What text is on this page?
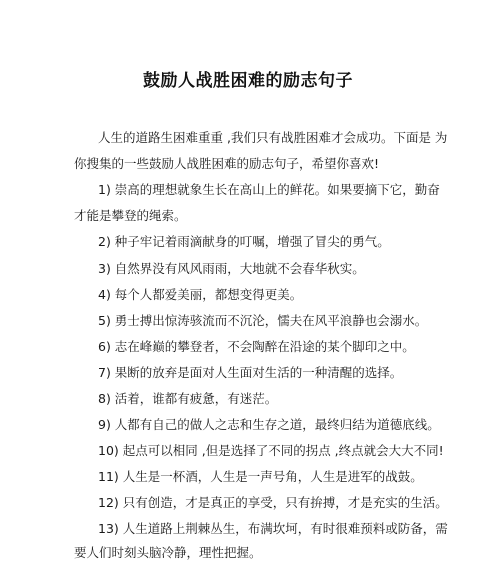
鼓励人战胜困难的励志句子
人生的道路生困难重重 ,我们只有战胜困难才会成功。下面是 为
你搜集的一些鼓励人战胜困难的励志句子，希望你喜欢!
1) 崇高的理想就象生长在高山上的鲜花。如果要摘下它，勤奋
才能是攀登的绳索。
2) 种子牢记着雨滴献身的叮嘱，增强了冒尖的勇气。
3) 自然界没有风风雨雨，大地就不会春华秋实。
4) 每个人都爱美丽，都想变得更美。
5) 勇士搏出惊涛骇流而不沉沦，懦夫在风平浪静也会溺水。
6) 志在峰巅的攀登者，不会陶醉在沿途的某个脚印之中。
7) 果断的放弃是面对人生面对生活的一种清醒的选择。
8) 活着，谁都有疲惫，有迷茫。
9) 人都有自己的做人之志和生存之道，最终归结为道德底线。
10) 起点可以相同 ,但是选择了不同的拐点 ,终点就会大大不同!
11) 人生是一杯酒，人生是一声号角，人生是进军的战鼓。
12) 只有创造，才是真正的享受，只有拚搏，才是充实的生活。
13) 人生道路上荆棘丛生，布满坎坷，有时很难预料或防备，需
要人们时刻头脑冷静，理性把握。
